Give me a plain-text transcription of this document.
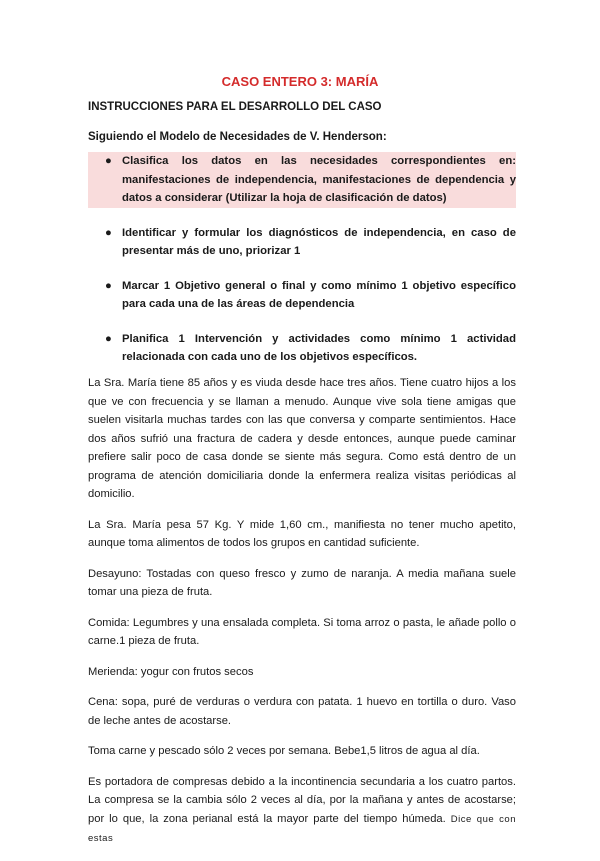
CASO ENTERO 3: MARÍA
INSTRUCCIONES PARA EL DESARROLLO DEL CASO
Siguiendo el Modelo de Necesidades de V. Henderson:
● Clasifica los datos en las necesidades correspondientes en: manifestaciones de independencia, manifestaciones de dependencia y datos a considerar (Utilizar la hoja de clasificación de datos)
● Identificar y formular los diagnósticos de independencia, en caso de presentar más de uno, priorizar 1
● Marcar 1 Objetivo general o final y como mínimo 1 objetivo específico para cada una de las áreas de dependencia
● Planifica 1 Intervención y actividades como mínimo 1 actividad relacionada con cada uno de los objetivos específicos.

La Sra. María tiene 85 años y es viuda desde hace tres años. Tiene cuatro hijos a los que ve con frecuencia y se llaman a menudo. Aunque vive sola tiene amigas que suelen visitarla muchas tardes con las que conversa y comparte sentimientos. Hace dos años sufrió una fractura de cadera y desde entonces, aunque puede caminar prefiere salir poco de casa donde se siente más segura. Como está dentro de un programa de atención domiciliaria donde la enfermera realiza visitas periódicas al domicilio.

La Sra. María pesa 57 Kg. Y mide 1,60 cm., manifiesta no tener mucho apetito, aunque toma alimentos de todos los grupos en cantidad suficiente.

Desayuno: Tostadas con queso fresco y zumo de naranja. A media mañana suele tomar una pieza de fruta.

Comida: Legumbres y una ensalada completa. Si toma arroz o pasta, le añade pollo o carne.1 pieza de fruta.

Merienda: yogur con frutos secos

Cena: sopa, puré de verduras o verdura con patata. 1 huevo en tortilla o duro. Vaso de leche antes de acostarse.

Toma carne y pescado sólo 2 veces por semana. Bebe1,5 litros de agua al día.

Es portadora de compresas debido a la incontinencia secundaria a los cuatro partos. La compresa se la cambia sólo 2 veces al día, por la mañana y antes de acostarse; por lo que, la zona perianal está la mayor parte del tiempo húmeda. Dice que con estas
